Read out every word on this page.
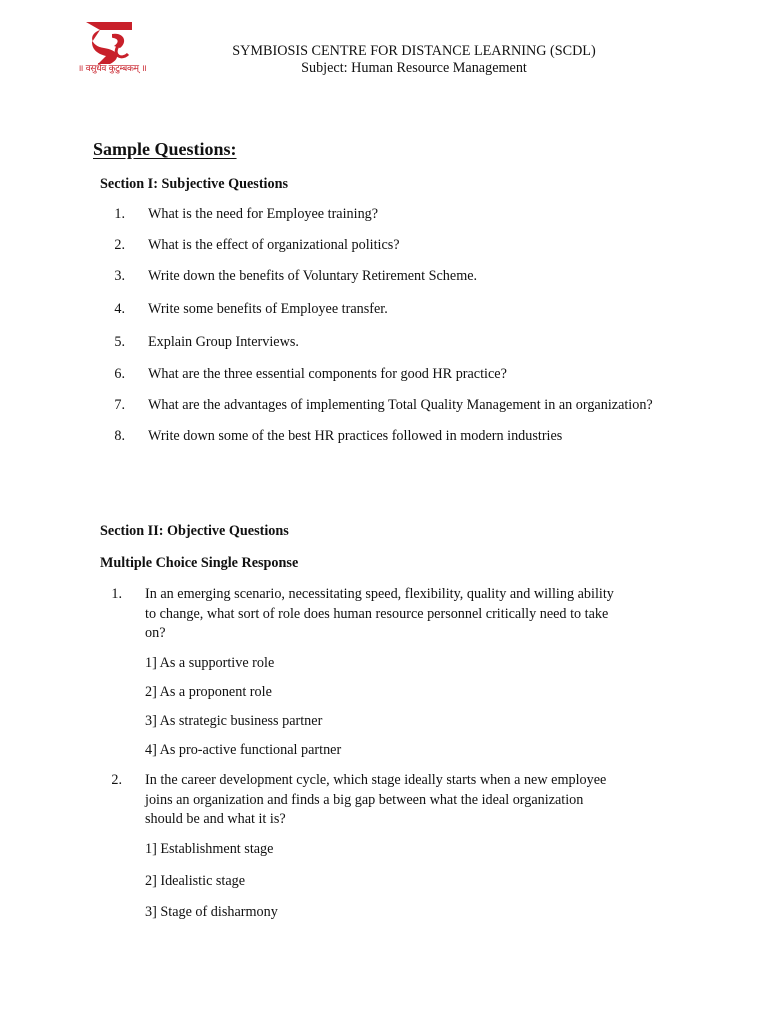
॥ वसुधैव कुटुम्बकम् ॥
SYMBIOSIS CENTRE FOR DISTANCE LEARNING (SCDL)
Subject: Human Resource Management
Sample Questions:
Section I: Subjective Questions
1. What is the need for Employee training?
2. What is the effect of organizational politics?
3. Write down the benefits of Voluntary Retirement Scheme.
4. Write some benefits of Employee transfer.
5. Explain Group Interviews.
6. What are the three essential components for good HR practice?
7. What are the advantages of implementing Total Quality Management in an organization?
8. Write down some of the best HR practices followed in modern industries
Section II: Objective Questions
Multiple Choice Single Response
1. In an emerging scenario, necessitating speed, flexibility, quality and willing ability
to change, what sort of role does human resource personnel critically need to take
on?
1] As a supportive role
2] As a proponent role
3] As strategic business partner
4] As pro-active functional partner
2. In the career development cycle, which stage ideally starts when a new employee
joins an organization and finds a big gap between what the ideal organization
should be and what it is?
1] Establishment stage
2] Idealistic stage
3] Stage of disharmony
